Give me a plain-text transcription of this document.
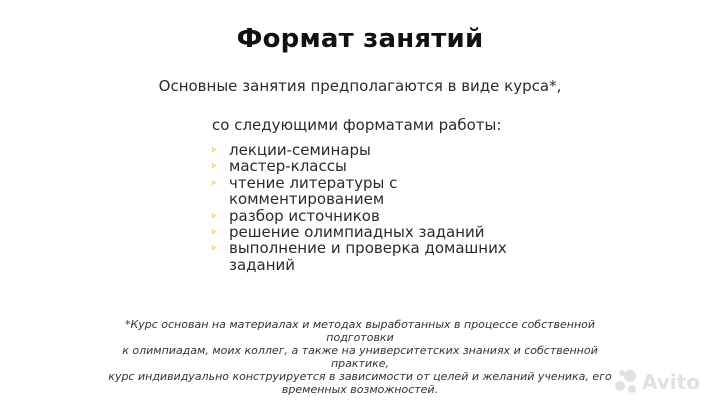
Формат занятий
Основные занятия предполагаются в виде курса*,
со следующими форматами работы:
▹ лекции-семинары
▹ мастер-классы
▹ чтение литературы с комментированием
▹ разбор источников
▹ решение олимпиадных заданий
▹ выполнение и проверка домашних заданий
*Курс основан на материалах и методах выработанных в процессе собственной подготовки
к олимпиадам, моих коллег, а также на университетских знаниях и собственной практике,
курс индивидуально конструируется в зависимости от целей и желаний ученика, его
временных возможностей.	Avito
